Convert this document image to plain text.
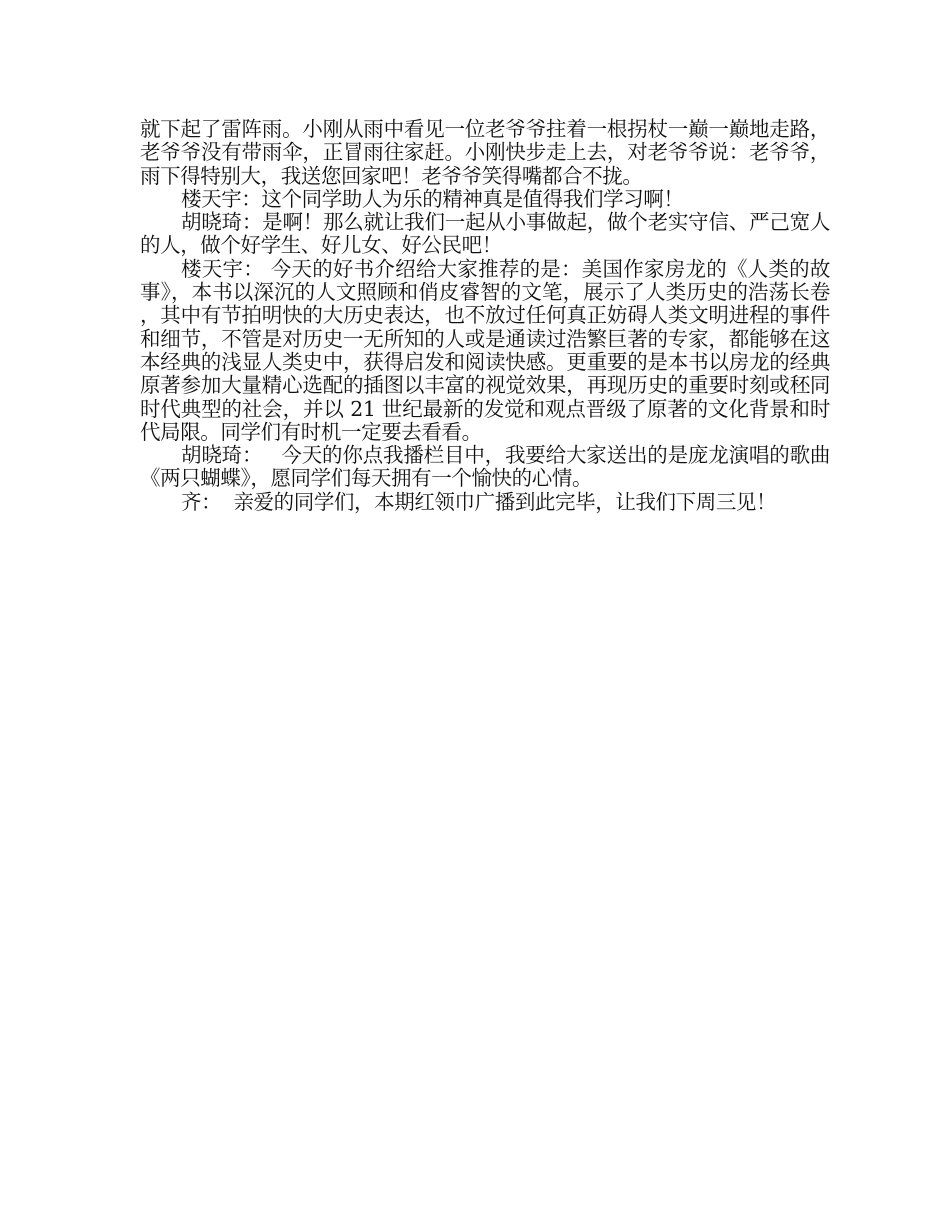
就下起了雷阵雨。小刚从雨中看见一位老爷爷拄着一根拐杖一巅一巅地走路，老爷爷没有带雨伞，正冒雨往家赶。小刚快步走上去，对老爷爷说：老爷爷，雨下得特别大，我送您回家吧！老爷爷笑得嘴都合不拢。

楼天宇：这个同学助人为乐的精神真是值得我们学习啊！

胡晓琦：是啊！那么就让我们一起从小事做起，做个老实守信、严己宽人的人，做个好学生、好儿女、好公民吧！

楼天宇： 今天的好书介绍给大家推荐的是：美国作家房龙的《人类的故事》，本书以深沉的人文照顾和俏皮睿智的文笔，展示了人类历史的浩荡长卷，其中有节拍明快的大历史表达，也不放过任何真正妨碍人类文明进程的事件和细节，不管是对历史一无所知的人或是通读过浩繁巨著的专家，都能够在这本经典的浅显人类史中，获得启发和阅读快感。更重要的是本书以房龙的经典原著参加大量精心选配的插图以丰富的视觉效果，再现历史的重要时刻或秠同时代典型的社会，并以 21 世纪最新的发觉和观点晋级了原著的文化背景和时代局限。同学们有时机一定要去看看。

胡晓琦：   今天的你点我播栏目中，我要给大家送出的是庞龙演唱的歌曲《两只蝴蝶》，愿同学们每天拥有一个愉快的心情。

齐：  亲爱的同学们，本期红领巾广播到此完毕，让我们下周三见！
